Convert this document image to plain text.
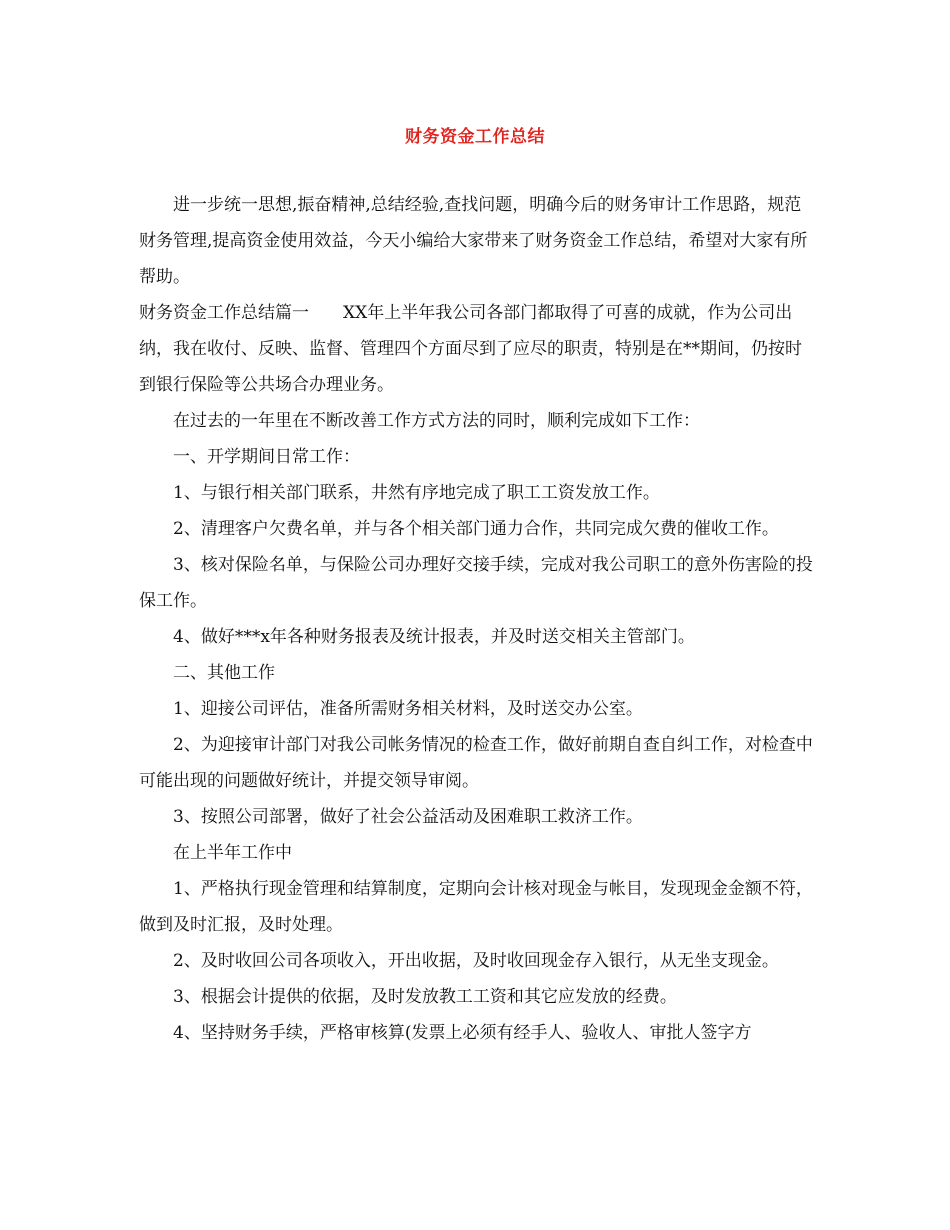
财务资金工作总结

进一步统一思想,振奋精神,总结经验,查找问题，明确今后的财务审计工作思路，规范财务管理,提高资金使用效益，今天小编给大家带来了财务资金工作总结，希望对大家有所帮助。

财务资金工作总结篇一　　XX年上半年我公司各部门都取得了可喜的成就，作为公司出纳，我在收付、反映、监督、管理四个方面尽到了应尽的职责，特别是在**期间，仍按时到银行保险等公共场合办理业务。

在过去的一年里在不断改善工作方式方法的同时，顺利完成如下工作：

一、开学期间日常工作：

1、与银行相关部门联系，井然有序地完成了职工工资发放工作。

2、清理客户欠费名单，并与各个相关部门通力合作，共同完成欠费的催收工作。

3、核对保险名单，与保险公司办理好交接手续，完成对我公司职工的意外伤害险的投保工作。

4、做好***x年各种财务报表及统计报表，并及时送交相关主管部门。

二、其他工作

1、迎接公司评估，准备所需财务相关材料，及时送交办公室。

2、为迎接审计部门对我公司帐务情况的检查工作，做好前期自查自纠工作，对检查中可能出现的问题做好统计，并提交领导审阅。

3、按照公司部署，做好了社会公益活动及困难职工救济工作。

在上半年工作中

1、严格执行现金管理和结算制度，定期向会计核对现金与帐目，发现现金金额不符，做到及时汇报，及时处理。

2、及时收回公司各项收入，开出收据，及时收回现金存入银行，从无坐支现金。

3、根据会计提供的依据，及时发放教工工资和其它应发放的经费。

4、坚持财务手续，严格审核算(发票上必须有经手人、验收人、审批人签字方
